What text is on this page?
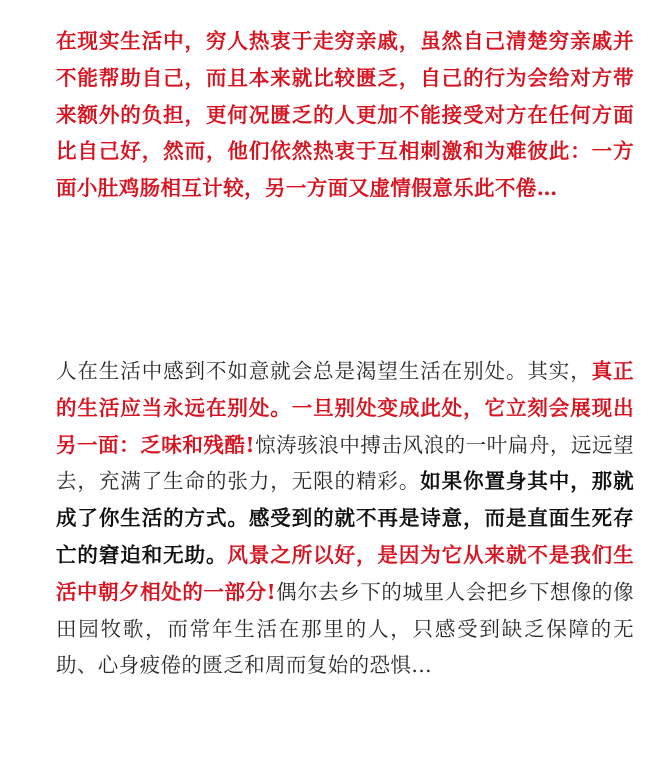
在现实生活中，穷人热衷于走穷亲戚，虽然自己清楚穷亲戚并不能帮助自己，而且本来就比较匮乏，自己的行为会给对方带来额外的负担，更何况匮乏的人更加不能接受对方在任何方面比自己好，然而，他们依然热衷于互相刺激和为难彼此：一方面小肚鸡肠相互计较，另一方面又虚情假意乐此不倦…

人在生活中感到不如意就会总是渴望生活在别处。其实，真正的生活应当永远在别处。一旦别处变成此处，它立刻会展现出另一面：乏味和残酷!惊涛骇浪中搏击风浪的一叶扁舟，远远望去，充满了生命的张力，无限的精彩。如果你置身其中，那就成了你生活的方式。感受到的就不再是诗意，而是直面生死存亡的窘迫和无助。风景之所以好，是因为它从来就不是我们生活中朝夕相处的一部分!偶尔去乡下的城里人会把乡下想像的像田园牧歌，而常年生活在那里的人，只感受到缺乏保障的无助、心身疲倦的匮乏和周而复始的恐惧…
